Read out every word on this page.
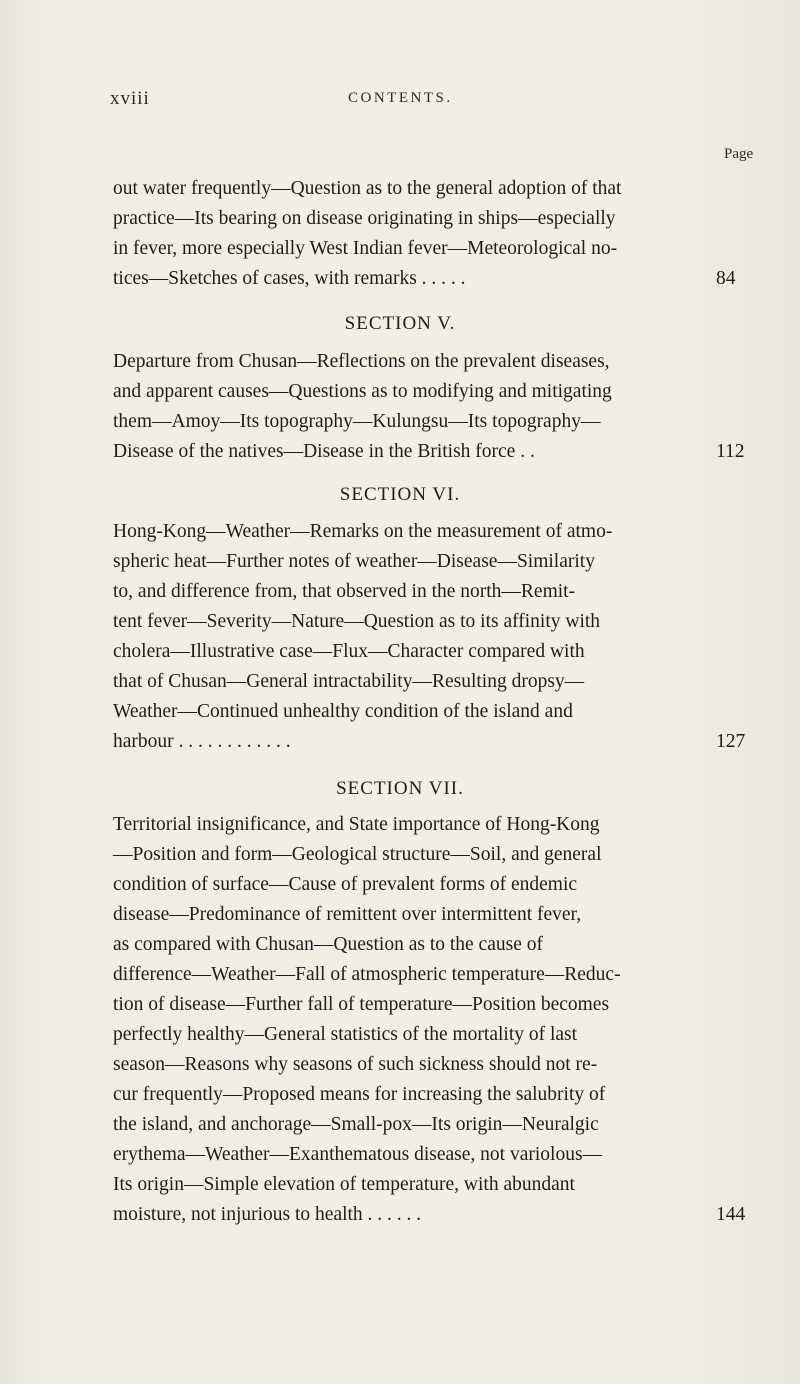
xviii	CONTENTS.
Page

out water frequently—Question as to the general adoption of that

practice—Its bearing on disease originating in ships—especially

in fever, more especially West Indian fever—Meteorological no-

tices—Sketches of cases, with remarks . . . . .	84
SECTION V.

Departure from Chusan—Reflections on the prevalent diseases,

and apparent causes—Questions as to modifying and mitigating

them—Amoy—Its topography—Kulungsu—Its topography—

Disease of the natives—Disease in the British force . .	112
SECTION VI.

Hong-Kong—Weather—Remarks on the measurement of atmo-

spheric heat—Further notes of weather—Disease—Similarity

to, and difference from, that observed in the north—Remit-

tent fever—Severity—Nature—Question as to its affinity with

cholera—Illustrative case—Flux—Character compared with

that of Chusan—General intractability—Resulting dropsy—

Weather—Continued unhealthy condition of the island and

harbour . . . . . . . . . . . .	127
SECTION VII.

Territorial insignificance, and State importance of Hong-Kong

—Position and form—Geological structure—Soil, and general

condition of surface—Cause of prevalent forms of endemic

disease—Predominance of remittent over intermittent fever,

as compared with Chusan—Question as to the cause of

difference—Weather—Fall of atmospheric temperature—Reduc-

tion of disease—Further fall of temperature—Position becomes

perfectly healthy—General statistics of the mortality of last

season—Reasons why seasons of such sickness should not re-

cur frequently—Proposed means for increasing the salubrity of

the island, and anchorage—Small-pox—Its origin—Neuralgic

erythema—Weather—Exanthematous disease, not variolous—

Its origin—Simple elevation of temperature, with abundant

moisture, not injurious to health . . . . . .	144
